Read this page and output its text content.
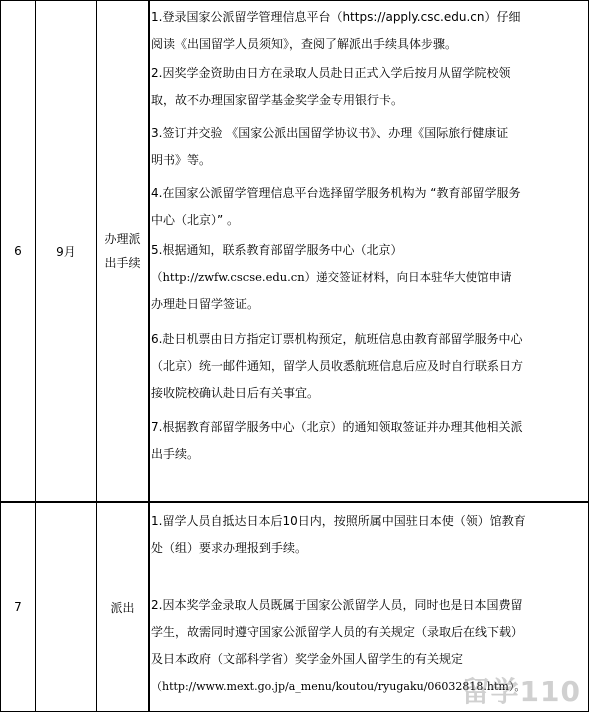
6	9月
办理派
出手续
1.登录国家公派留学管理信息平台（https://apply.csc.edu.cn）仔细
阅读《出国留学人员须知》，查阅了解派出手续具体步骤。
2.因奖学金资助由日方在录取人员赴日正式入学后按月从留学院校领
取，故不办理国家留学基金奖学金专用银行卡。
3.签订并交验 《国家公派出国留学协议书》、办理《国际旅行健康证
明书》等。
4.在国家公派留学管理信息平台选择留学服务机构为 “教育部留学服务
中心（北京）” 。
5.根据通知，联系教育部留学服务中心（北京）
（http://zwfw.cscse.edu.cn）递交签证材料，向日本驻华大使馆申请
办理赴日留学签证。
6.赴日机票由日方指定订票机构预定，航班信息由教育部留学服务中心
（北京）统一邮件通知，留学人员收悉航班信息后应及时自行联系日方
接收院校确认赴日后有关事宜。
7.根据教育部留学服务中心（北京）的通知领取签证并办理其他相关派
出手续。
7	派出
1.留学人员自抵达日本后10日内，按照所属中国驻日本使（领）馆教育
处（组）要求办理报到手续。
2.因本奖学金录取人员既属于国家公派留学人员，同时也是日本国费留
学生，故需同时遵守国家公派留学人员的有关规定（录取后在线下载）
及日本政府（文部科学省）奖学金外国人留学生的有关规定
（http://www.mext.go.jp/a_menu/koutou/ryugaku/06032818.htm）。
留学110
